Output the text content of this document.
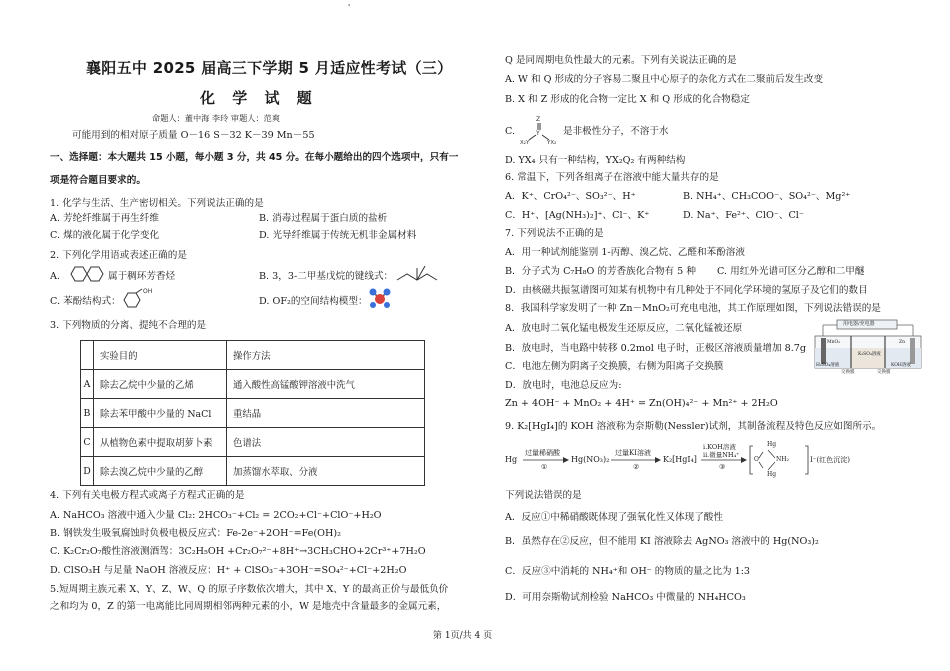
'
襄阳五中 2025 届高三下学期 5 月适应性考试（三）
化 学 试 题
命题人：董中海 李玲 审题人：范爽
可能用到的相对原子质量 O－16 S－32 K－39 Mn－55
一、选择题：本大题共 15 小题，每小题 3 分，共 45 分。在每小题给出的四个选项中，只有一
项是符合题目要求的。
1. 化学与生活、生产密切相关。下列说法正确的是
A. 芳纶纤维属于再生纤维	B. 消毒过程属于蛋白质的盐析
C. 煤的液化属于化学变化	D. 光导纤维属于传统无机非金属材料
2. 下列化学用语或表述正确的是
A.	属于稠环芳香烃	B. 3，3-二甲基戊烷的键线式：
C. 苯酚结构式：
OH
D. OF₂的空间结构模型：
3. 下列物质的分离、提纯不合理的是
	实验目的	操作方法
A	除去乙烷中少量的乙烯	通入酸性高锰酸钾溶液中洗气
B	除去苯甲酸中少量的 NaCl	重结晶
C	从植物色素中提取胡萝卜素	色谱法
D	除去溴乙烷中少量的乙醇	加蒸馏水萃取、分液
4. 下列有关电极方程式或离子方程式正确的是
A. NaHCO₃ 溶液中通入少量 Cl₂: 2HCO₃⁻+Cl₂ = 2CO₂+Cl⁻+ClO⁻+H₂O
B. 钢铁发生吸氧腐蚀时负极电极反应式：Fe-2e⁻+2OH⁻=Fe(OH)₂
C. K₂Cr₂O₇酸性溶液测酒驾：3C₂H₅OH +Cr₂O₇²⁻+8H⁺→3CH₃CHO+2Cr³⁺+7H₂O
D. ClSO₃H 与足量 NaOH 溶液反应：H⁺ + ClSO₃⁻+3OH⁻=SO₄²⁻+Cl⁻+2H₂O
5.短周期主族元素 X、Y、Z、W、Q 的原子序数依次增大，其中 X、Y 的最高正价与最低负价
之和均为 0，Z 的第一电离能比同周期相邻两种元素的小，W 是地壳中含量最多的金属元素，
Q 是同周期电负性最大的元素。下列有关说法正确的是
A. W 和 Q 形成的分子容易二聚且中心原子的杂化方式在二聚前后发生改变
B. X 和 Z 形成的化合物一定比 X 和 Q 形成的化合物稳定
C.
Z
Y
X₂Y	YX₂
是非极性分子，不溶于水
D. YX₄ 只有一种结构，YX₂Q₂ 有两种结构
6. 常温下，下列各组离子在溶液中能大量共存的是
A．K⁺、CrO₄²⁻、SO₃²⁻、H⁺	B. NH₄⁺、CH₃COO⁻、SO₄²⁻、Mg²⁺
C．H⁺、[Ag(NH₃)₂]⁺、Cl⁻、K⁺	D. Na⁺、Fe²⁺、ClO⁻、Cl⁻
7. 下列说法不正确的是
A．用一种试剂能鉴别 1-丙醇、溴乙烷、乙醛和苯酚溶液
B．分子式为 C₇H₈O 的芳香族化合物有 5 种 C. 用红外光谱可区分乙醇和二甲醚
D．由核磁共振氢谱图可知某有机物中有几种处于不同化学环境的氢原子及它们的数目
8．我国科学家发明了一种 Zn－MnO₂可充电电池，其工作原理如图，下列说法错误的是
A．放电时二氧化锰电极发生还原反应，二氧化锰被还原
B．放电时，当电路中转移 0.2mol 电子时，正极区溶液质量增加 8.7g
C．电池左侧为阴离子交换膜，右侧为阳离子交换膜
D．放电时，电池总反应为:
Zn + 4OH⁻ + MnO₂ + 4H⁺ = Zn(OH)₄²⁻ + Mn²⁺ + 2H₂O
用电器/充电器
MnO₂	Zn
H₂SO₄溶液
K₂SO₄溶液
KOH溶液
交换膜	交换膜
9. K₂[HgI₄]的 KOH 溶液称为奈斯勒(Nessler)试剂，其制备流程及特色反应如图所示。
Hg
过量稀硝酸
①
Hg(NO₃)₂
过量KI溶液
②
K₂[HgI₄]
i.KOH溶液
ii.微量NH₄⁺
③
Hg
Hg
O	NH₂	I⁻(红色沉淀)
下列说法错误的是
A．反应①中稀硝酸既体现了强氧化性又体现了酸性
B．虽然存在②反应，但不能用 KI 溶液除去 AgNO₃ 溶液中的 Hg(NO₃)₂
C．反应③中消耗的 NH₄⁺和 OH⁻ 的物质的量之比为 1:3
D．可用奈斯勒试剂检验 NaHCO₃ 中微量的 NH₄HCO₃
第 1页/共 4 页
